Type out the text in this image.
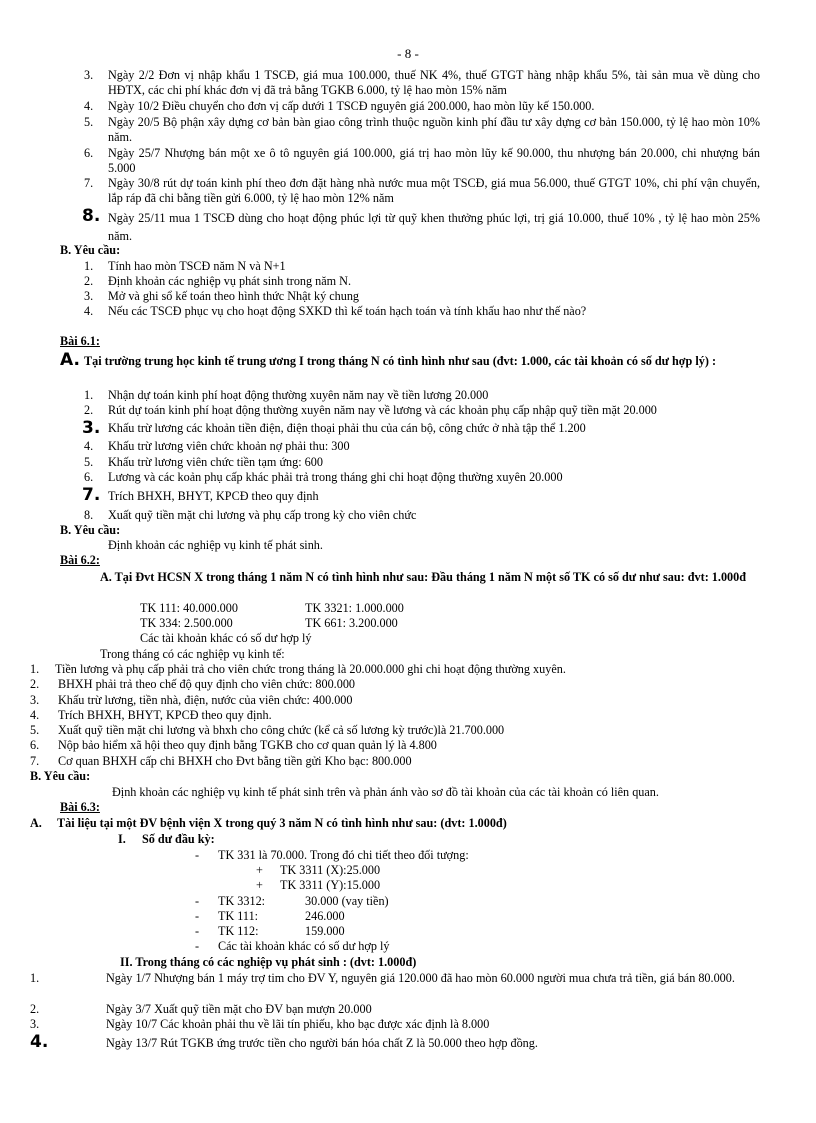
- 8 -
3. Ngày 2/2 Đơn vị nhập khẩu 1 TSCĐ, giá mua 100.000, thuế NK 4%, thuế GTGT hàng nhập khẩu 5%, tài sản mua về dùng cho HĐTX, các chi phí khác đơn vị đã trả bằng TGKB 6.000, tỷ lệ hao mòn 15% năm
4. Ngày 10/2 Điều chuyển cho đơn vị cấp dưới 1 TSCĐ nguyên giá 200.000, hao mòn lũy kế 150.000.
5. Ngày 20/5 Bộ phận xây dựng cơ bản bàn giao công trình thuộc nguồn kinh phí đầu tư xây dựng cơ bản 150.000, tỷ lệ hao mòn 10% năm.
6. Ngày 25/7 Nhượng bán một xe ô tô nguyên giá 100.000, giá trị hao mòn lũy kế 90.000, thu nhượng bán 20.000, chi nhượng bán 5.000
7. Ngày 30/8 rút dự toán kinh phí theo đơn đặt hàng nhà nước mua một TSCĐ, giá mua 56.000, thuế GTGT 10%, chi phí vận chuyển, lắp ráp đã chi bằng tiền gửi 6.000, tỷ lệ hao mòn 12% năm
8. Ngày 25/11 mua 1 TSCĐ dùng cho hoạt động phúc lợi từ quỹ khen thưởng phúc lợi, trị giá 10.000, thuế 10% , tỷ lệ hao mòn 25% năm.
B. Yêu cầu:
1. Tính hao mòn TSCĐ năm N và N+1
2. Định khoản các nghiệp vụ phát sinh trong năm N.
3. Mở và ghi sổ kế toán theo hình thức Nhật ký chung
4. Nếu các TSCĐ phục vụ cho hoạt động SXKD thì kế toán hạch toán và tính khấu hao như thế nào?
Bài 6.1:
A. Tại trường trung học kinh tế trung ương I trong tháng N có tình hình như sau (đvt: 1.000, các tài khoản có số dư hợp lý) :
1. Nhận dự toán kinh phí hoạt động thường xuyên năm nay về tiền lương 20.000
2. Rút dự toán kinh phí hoạt động thường xuyên năm nay về lương và các khoản phụ cấp nhập quỹ tiền mặt 20.000
3. Khấu trừ lương các khoản tiền điện, điện thoại phải thu của cán bộ, công chức ở nhà tập thể 1.200
4. Khấu trừ lương viên chức khoản nợ phải thu: 300
5. Khấu trừ lương viên chức tiền tạm ứng: 600
6. Lương và các koản phụ cấp khác phải trả trong tháng ghi chi hoạt động thường xuyên 20.000
7. Trích BHXH, BHYT, KPCĐ theo quy định
8. Xuất quỹ tiền mặt chi lương và phụ cấp trong kỳ cho viên chức
B. Yêu cầu:
Định khoản các nghiệp vụ kinh tế phát sinh.
Bài 6.2:
A. Tại Đvt HCSN X trong tháng 1 năm N có tình hình như sau: Đầu tháng 1 năm N một số TK có số dư như sau: đvt: 1.000đ
TK 111: 40.000.000	TK 3321: 1.000.000
TK 334: 2.500.000	TK 661: 3.200.000
Các tài khoản khác có số dư hợp lý
Trong tháng có các nghiệp vụ kinh tế:
1. Tiền lương và phụ cấp phải trả cho viên chức trong tháng là 20.000.000 ghi chi hoạt động thường xuyên.
2. BHXH phải trả theo chế độ quy định cho viên chức: 800.000
3. Khấu trừ lương, tiền nhà, điện, nước của viên chức: 400.000
4. Trích BHXH, BHYT, KPCĐ theo quy định.
5. Xuất quỹ tiền mặt chi lương và bhxh cho công chức (kể cả số lương kỳ trước)là 21.700.000
6. Nộp bảo hiểm xã hội theo quy định bằng TGKB cho cơ quan quản lý là 4.800
7. Cơ quan BHXH cấp chi BHXH cho Đvt bằng tiền gửi Kho bạc: 800.000
B. Yêu cầu:
Định khoản các nghiệp vụ kinh tế phát sinh trên và phản ánh vào sơ đồ tài khoản của các tài khoản có liên quan.
Bài 6.3:
A. Tài liệu tại một ĐV bệnh viện X trong quý 3 năm N có tình hình như sau: (dvt: 1.000đ)
I. Số dư đầu kỳ:
- TK 331 là 70.000. Trong đó chi tiết theo đối tượng:
+ TK 3311 (X):25.000
+ TK 3311 (Y):15.000
- TK 3312:	30.000 (vay tiền)
- TK 111:	246.000
- TK 112:	159.000
- Các tài khoản khác có số dư hợp lý
II. Trong tháng có các nghiệp vụ phát sinh : (dvt: 1.000đ)
1.	Ngày 1/7 Nhượng bán 1 máy trợ tim cho ĐV Y, nguyên giá 120.000 đã hao mòn 60.000 người mua chưa trả tiền, giá bán 80.000.
2.	Ngày 3/7 Xuất quỹ tiền mặt cho ĐV bạn mượn 20.000
3.	Ngày 10/7 Các khoản phải thu về lãi tín phiếu, kho bạc được xác định là 8.000
4.	Ngày 13/7 Rút TGKB ứng trước tiền cho người bán hóa chất Z là 50.000 theo hợp đồng.
